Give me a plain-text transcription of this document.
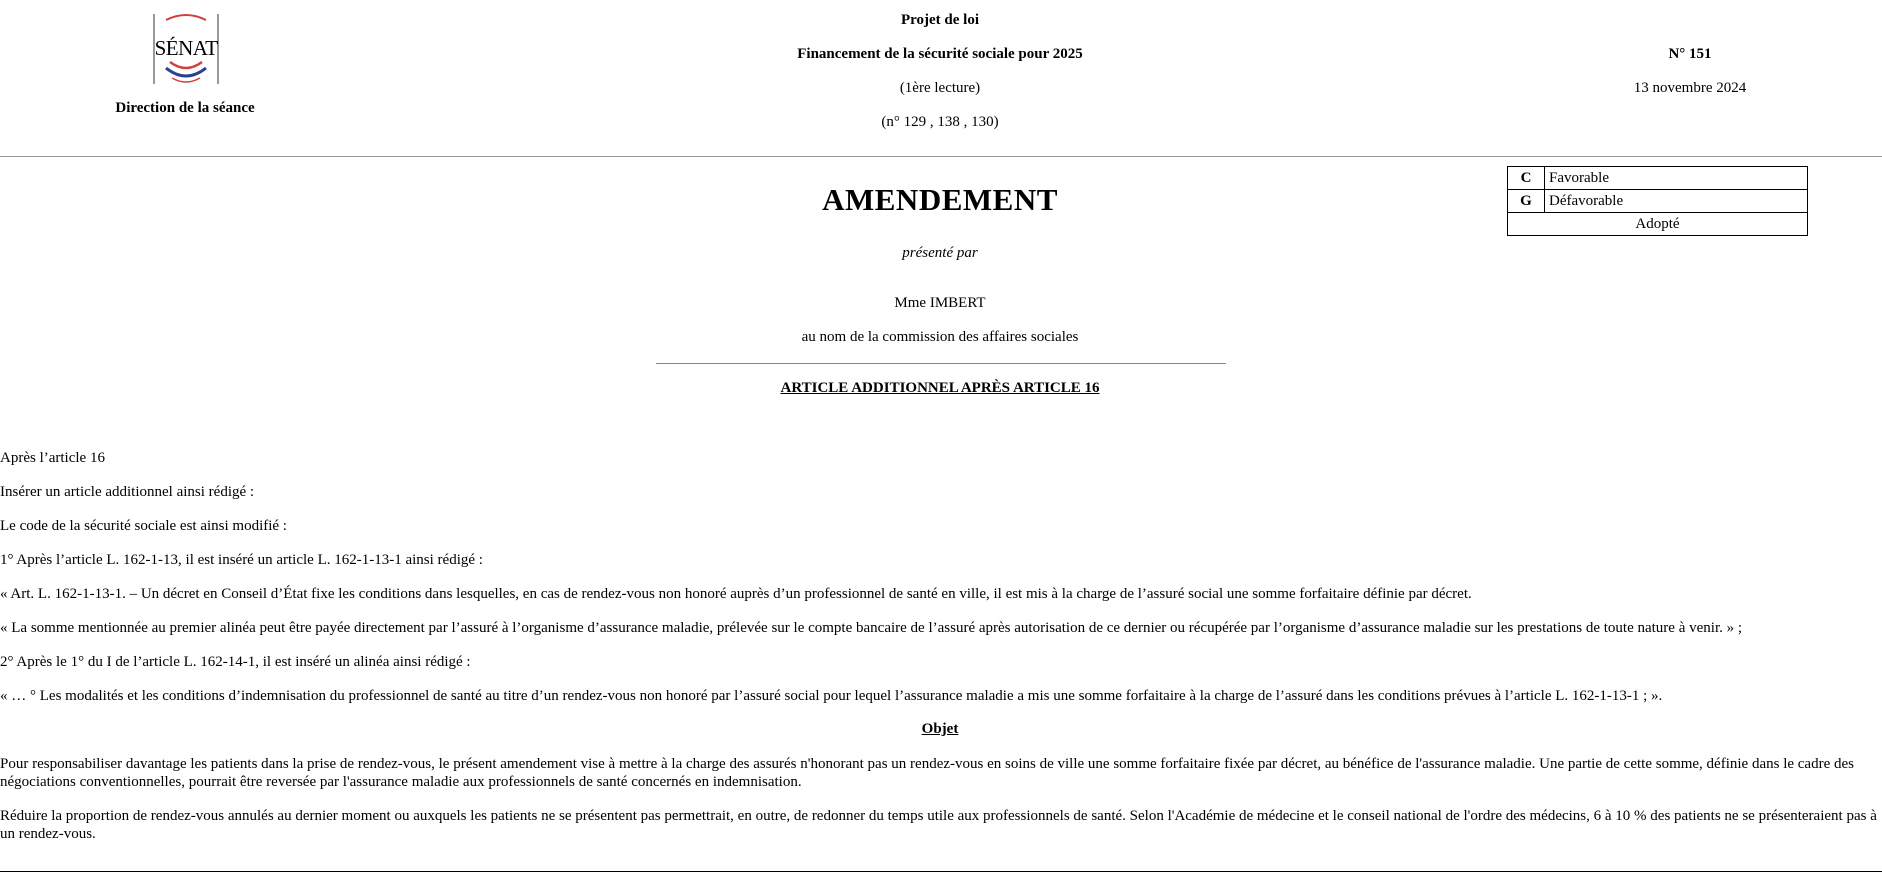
SÉNAT
Direction de la séance
Projet de loi
Financement de la sécurité sociale pour 2025
(1ère lecture)
(n° 129 , 138 , 130)
N° 151
13 novembre 2024
C	Favorable
G	Défavorable
Adopté	
AMENDEMENT
présenté par
Mme IMBERT
au nom de la commission des affaires sociales
ARTICLE ADDITIONNEL APRÈS ARTICLE 16
Après l’article 16
Insérer un article additionnel ainsi rédigé :
Le code de la sécurité sociale est ainsi modifié :
1° Après l’article L. 162-1-13, il est inséré un article L. 162-1-13-1 ainsi rédigé :
« Art. L. 162-1-13-1. – Un décret en Conseil d’État fixe les conditions dans lesquelles, en cas de rendez-vous non honoré auprès d’un professionnel de santé en ville, il est mis à la charge de l’assuré social une somme forfaitaire définie par décret.
« La somme mentionnée au premier alinéa peut être payée directement par l’assuré à l’organisme d’assurance maladie, prélevée sur le compte bancaire de l’assuré après autorisation de ce dernier ou récupérée par l’organisme d’assurance maladie sur les prestations de toute nature à venir. » ;
2° Après le 1° du I de l’article L. 162-14-1, il est inséré un alinéa ainsi rédigé :
« … ° Les modalités et les conditions d’indemnisation du professionnel de santé au titre d’un rendez-vous non honoré par l’assuré social pour lequel l’assurance maladie a mis une somme forfaitaire à la charge de l’assuré dans les conditions prévues à l’article L. 162-1-13-1 ; ».
Objet
Pour responsabiliser davantage les patients dans la prise de rendez-vous, le présent amendement vise à mettre à la charge des assurés n'honorant pas un rendez-vous en soins de ville une somme forfaitaire fixée par décret, au bénéfice de l'assurance maladie. Une partie de cette somme, définie dans le cadre des négociations conventionnelles, pourrait être reversée par l'assurance maladie aux professionnels de santé concernés en indemnisation.
Réduire la proportion de rendez-vous annulés au dernier moment ou auxquels les patients ne se présentent pas permettrait, en outre, de redonner du temps utile aux professionnels de santé. Selon l'Académie de médecine et le conseil national de l'ordre des médecins, 6 à 10 % des patients ne se présenteraient pas à un rendez-vous.
